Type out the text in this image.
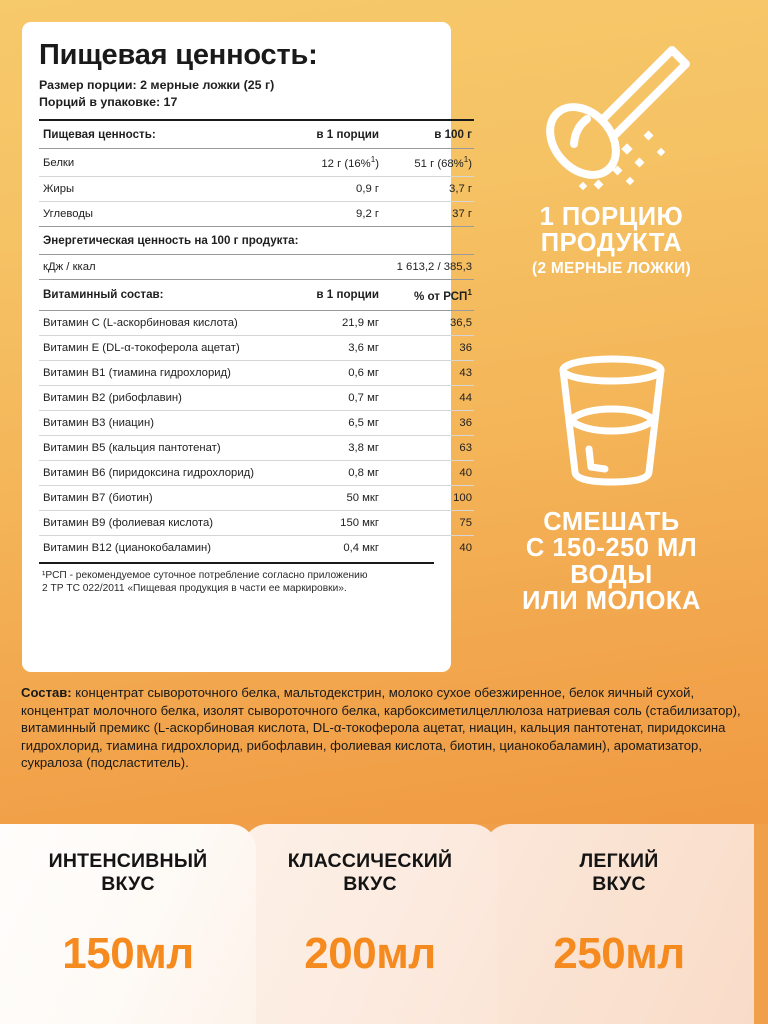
Пищевая ценность:
Размер порции: 2 мерные ложки (25 г)
Порций в упаковке: 17
Пищевая ценность:	в 1 порции	в 100 г
Белки	12 г (16%$^1$)	51 г (68%$^1$)
Жиры	0,9 г	3,7 г
Углеводы	9,2 г	37 г
Энергетическая ценность на 100 г продукта:		
кДж / ккал	1 613,2 / 385,3	
Витаминный состав:	в 1 порции	% от РСП$^1$
Витамин С (L-аскорбиновая кислота)	21,9 мг	36,5
Витамин Е (DL-α-токоферола ацетат)	3,6 мг	36
Витамин В1 (тиамина гидрохлорид)	0,6 мг	43
Витамин В2 (рибофлавин)	0,7 мг	44
Витамин В3 (ниацин)	6,5 мг	36
Витамин В5 (кальция пантотенат)	3,8 мг	63
Витамин В6 (пиридоксина гидрохлорид)	0,8 мг	40
Витамин В7 (биотин)	50 мкг	100
Витамин В9 (фолиевая кислота)	150 мкг	75
Витамин В12 (цианокобаламин)	0,4 мкг	40
¹РСП - рекомендуемое суточное потребление согласно приложению
2 ТР ТС 022/2011 «Пищевая продукция в части ее маркировки».
Состав: концентрат сывороточного белка, мальтодекстрин, молоко сухое обезжиренное, белок яичный сухой, концентрат молочного белка, изолят сывороточного белка, карбоксиметилцеллюлоза натриевая соль (стабилизатор), витаминный премикс (L-аскорбиновая кислота, DL-α-токоферола ацетат, ниацин, кальция пантотенат, пиридоксина гидрохлорид, тиамина гидрохлорид, рибофлавин, фолиевая кислота, биотин, цианокобаламин), ароматизатор, сукралоза (подсластитель).
1 ПОРЦИЮ
ПРОДУКТА
(2 МЕРНЫЕ ЛОЖКИ)
СМЕШАТЬ
С 150-250 МЛ
ВОДЫ
ИЛИ МОЛОКА
ИНТЕНСИВНЫЙ
ВКУС
150мл
КЛАССИЧЕСКИЙ
ВКУС
200мл
ЛЕГКИЙ
ВКУС
250мл
